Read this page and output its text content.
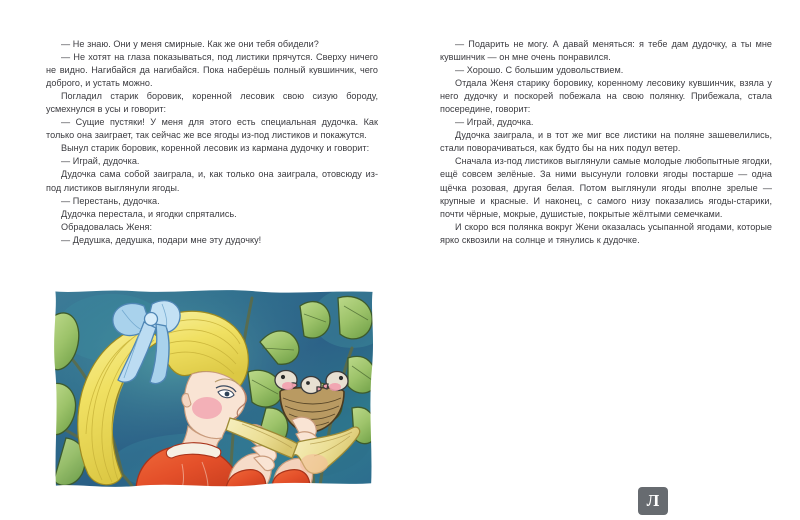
— Не знаю. Они у меня смирные. Как же они тебя обидели?

— Не хотят на глаза показываться, под листики прячутся. Сверху ничего не видно. Нагибайся да нагибайся. Пока наберёшь полный кувшинчик, чего доброго, и устать можно.

Погладил старик боровик, коренной лесовик свою сизую бороду, усмехнулся в усы и говорит:

— Сущие пустяки! У меня для этого есть специальная дудочка. Как только она заиграет, так сейчас же все ягоды из-под листиков и покажутся.

Вынул старик боровик, коренной лесовик из кармана дудочку и говорит:

— Играй, дудочка.

Дудочка сама собой заиграла, и, как только она заиграла, отовсюду из-под листиков выглянули ягоды.

— Перестань, дудочка.

Дудочка перестала, и ягодки спрятались.

Обрадовалась Женя:

— Дедушка, дедушка, подари мне эту дудочку!

— Подарить не могу. А давай меняться: я тебе дам дудочку, а ты мне кувшинчик — он мне очень понравился.

— Хорошо. С большим удовольствием.

Отдала Женя старику боровику, коренному лесовику кувшинчик, взяла у него дудочку и поскорей побежала на свою полянку. Прибежала, стала посередине, говорит:

— Играй, дудочка.

Дудочка заиграла, и в тот же миг все листики на поляне зашевелились, стали поворачиваться, как будто бы на них подул ветер.

Сначала из-под листиков выглянули самые молодые любопытные ягодки, ещё совсем зелёные. За ними высунули головки ягоды постарше — одна щёчка розовая, другая белая. Потом выглянули ягоды вполне зрелые — крупные и красные. И наконец, с самого низу показались ягоды-старики, почти чёрные, мокрые, душистые, покрытые жёлтыми семечками.

И скоро вся полянка вокруг Жени оказалась усыпанной ягодами, которые ярко сквозили на солнце и тянулись к дудочке.

Л
